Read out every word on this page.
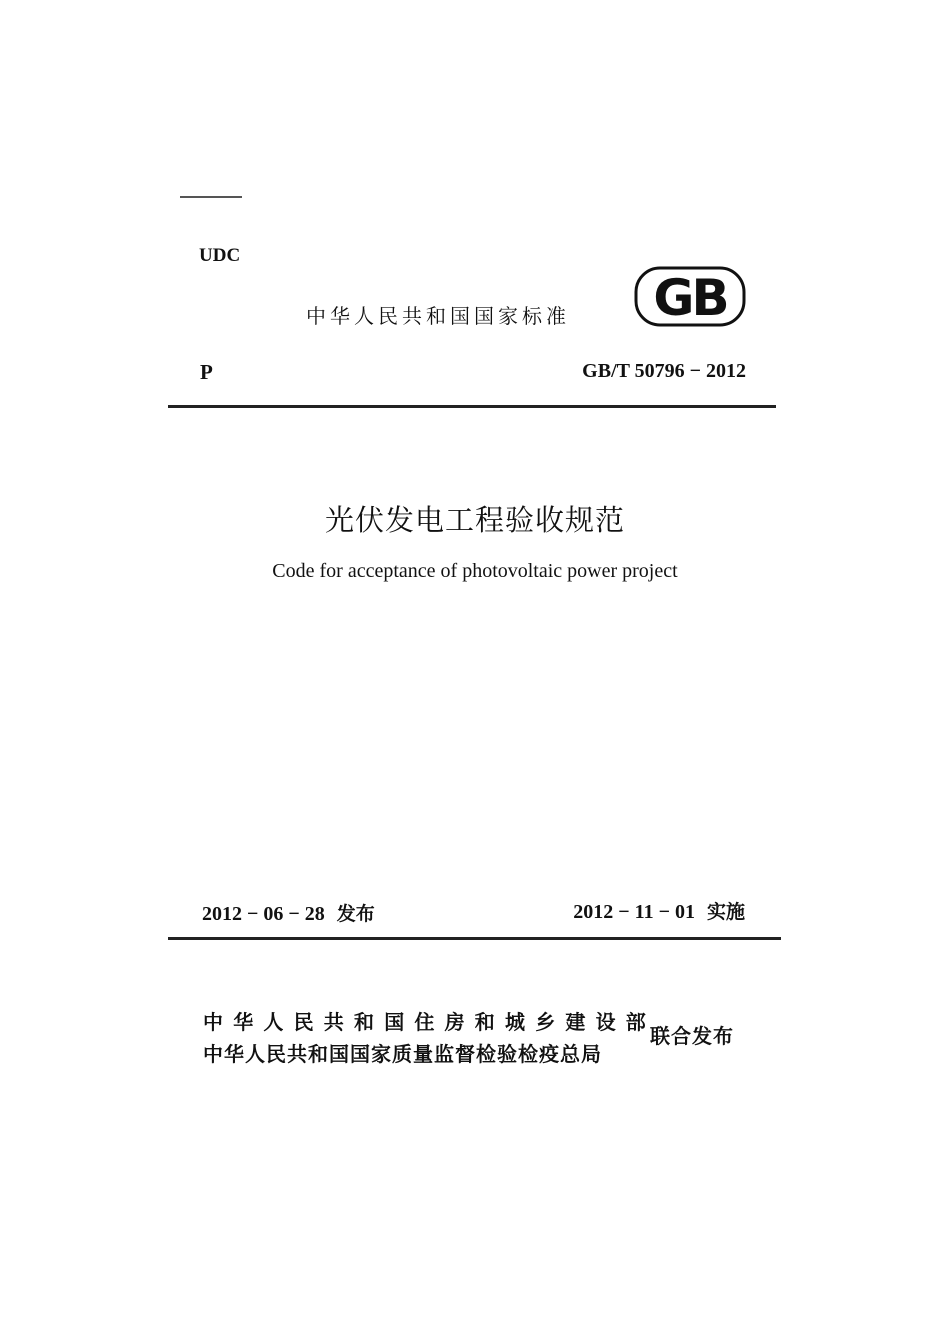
UDC
中华人民共和国国家标准 GB
P	GB/T 50796 − 2012
光伏发电工程验收规范
Code for acceptance of photovoltaic power project
2012 − 06 − 28 发布	2012 − 11 − 01 实施
中华人民共和国住房和城乡建设部
中华人民共和国国家质量监督检验检疫总局
联合发布
